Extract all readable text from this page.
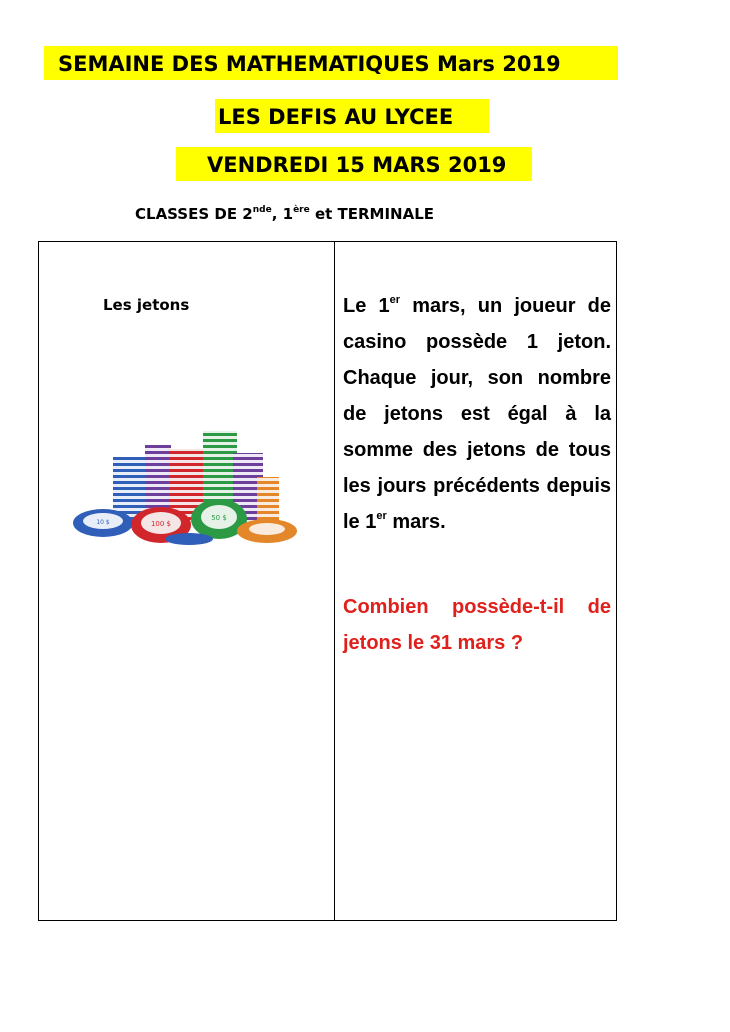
SEMAINE DES MATHEMATIQUES Mars 2019
LES DEFIS AU LYCEE
VENDREDI 15 MARS 2019
CLASSES DE 2nde, 1ère et TERMINALE
Les jetons
10 $	100 $
50 $
Le 1er mars, un joueur de casino possède 1 jeton. Chaque jour, son nombre de jetons est égal à la somme des jetons de tous les jours précédents depuis le 1er mars.
Combien possède-t-il de jetons le 31 mars ?
